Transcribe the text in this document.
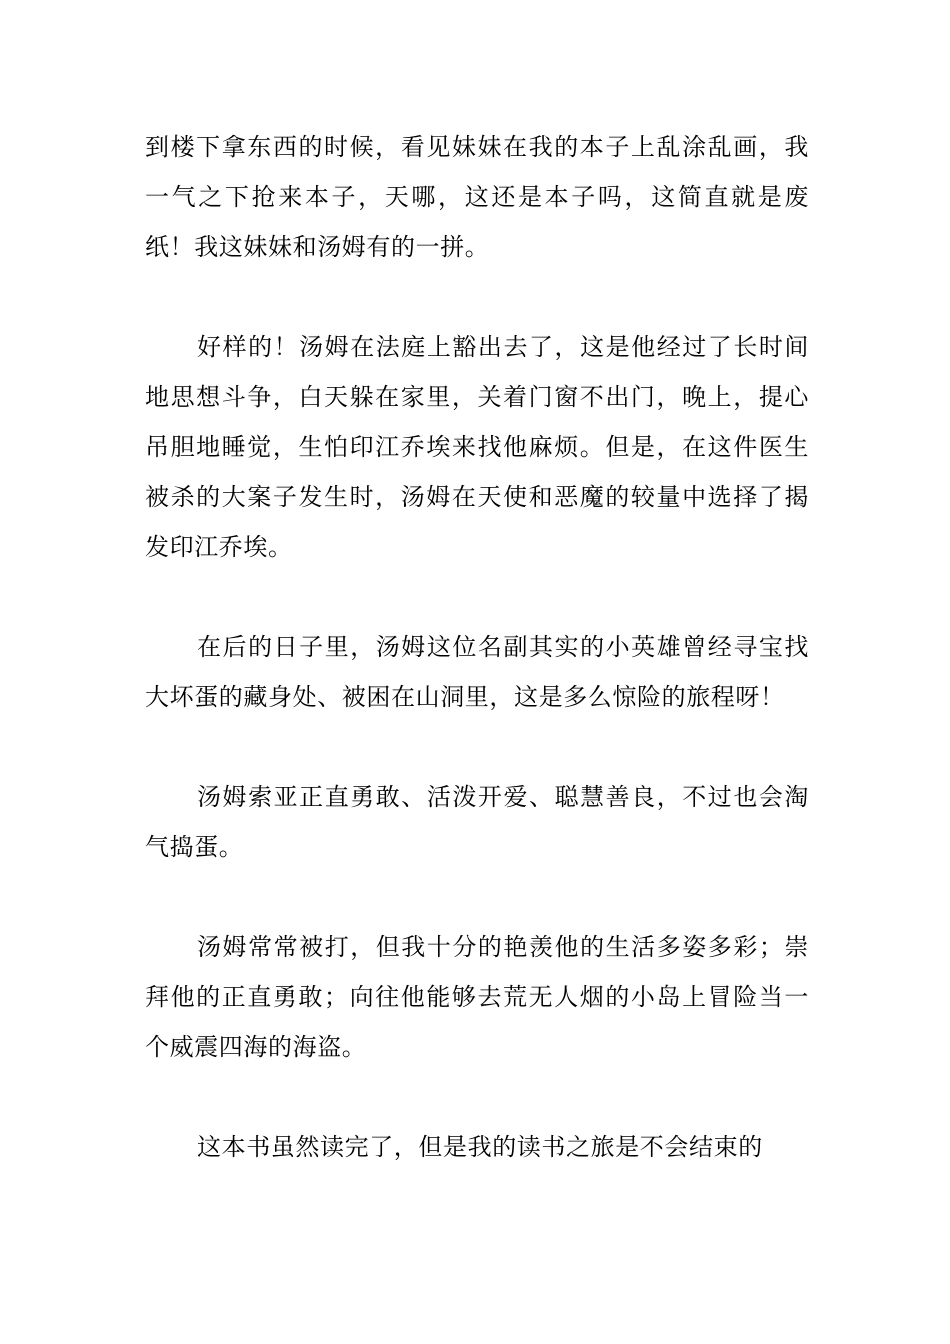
到楼下拿东西的时候，看见妹妹在我的本子上乱涂乱画，我一气之下抢来本子，天哪，这还是本子吗，这简直就是废纸！我这妹妹和汤姆有的一拼。

好样的！汤姆在法庭上豁出去了，这是他经过了长时间地思想斗争，白天躲在家里，关着门窗不出门，晚上，提心吊胆地睡觉，生怕印江乔埃来找他麻烦。但是，在这件医生被杀的大案子发生时，汤姆在天使和恶魔的较量中选择了揭发印江乔埃。

在后的日子里，汤姆这位名副其实的小英雄曾经寻宝找大坏蛋的藏身处、被困在山洞里，这是多么惊险的旅程呀！

汤姆索亚正直勇敢、活泼开爱、聪慧善良，不过也会淘气捣蛋。

汤姆常常被打，但我十分的艳羡他的生活多姿多彩；崇拜他的正直勇敢；向往他能够去荒无人烟的小岛上冒险当一个威震四海的海盗。

这本书虽然读完了，但是我的读书之旅是不会结束的
